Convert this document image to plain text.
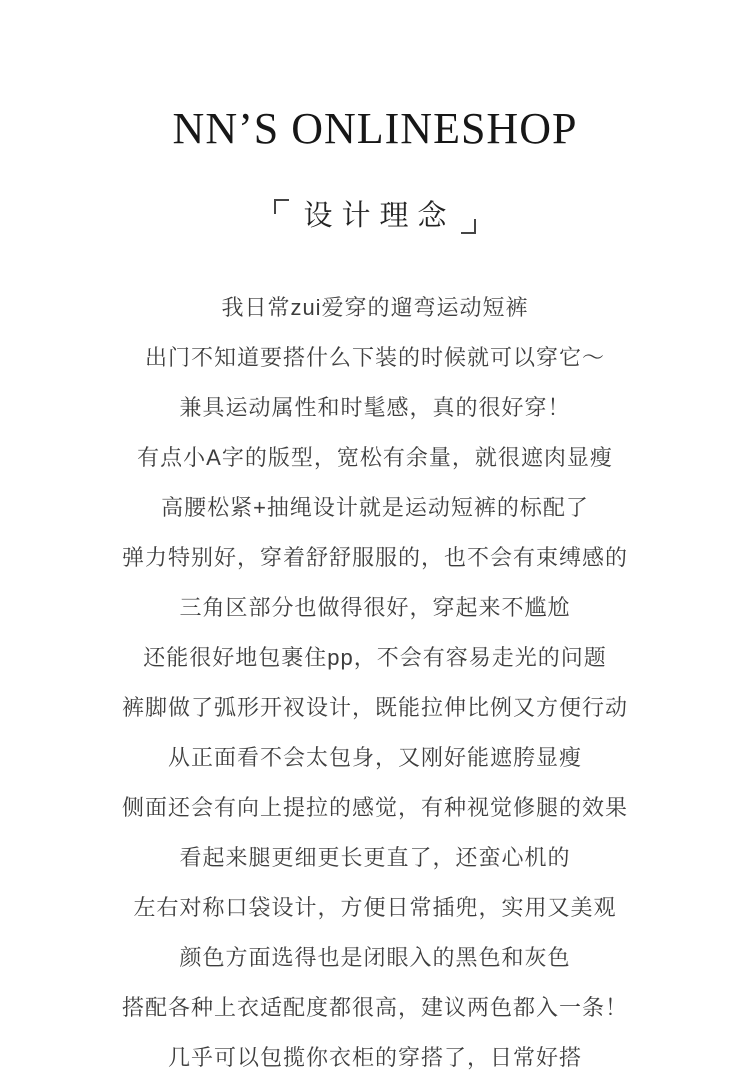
NN’S ONLINESHOP
设计理念

我日常zui爱穿的遛弯运动短裤

出门不知道要搭什么下装的时候就可以穿它～

兼具运动属性和时髦感，真的很好穿！

有点小A字的版型，宽松有余量，就很遮肉显瘦

高腰松紧+抽绳设计就是运动短裤的标配了

弹力特别好，穿着舒舒服服的，也不会有束缚感的

三角区部分也做得很好，穿起来不尴尬

还能很好地包裹住pp，不会有容易走光的问题

裤脚做了弧形开衩设计，既能拉伸比例又方便行动

从正面看不会太包身，又刚好能遮胯显瘦

侧面还会有向上提拉的感觉，有种视觉修腿的效果

看起来腿更细更长更直了，还蛮心机的

左右对称口袋设计，方便日常插兜，实用又美观

颜色方面选得也是闭眼入的黑色和灰色

搭配各种上衣适配度都很高，建议两色都入一条！

几乎可以包揽你衣柜的穿搭了，日常好搭
